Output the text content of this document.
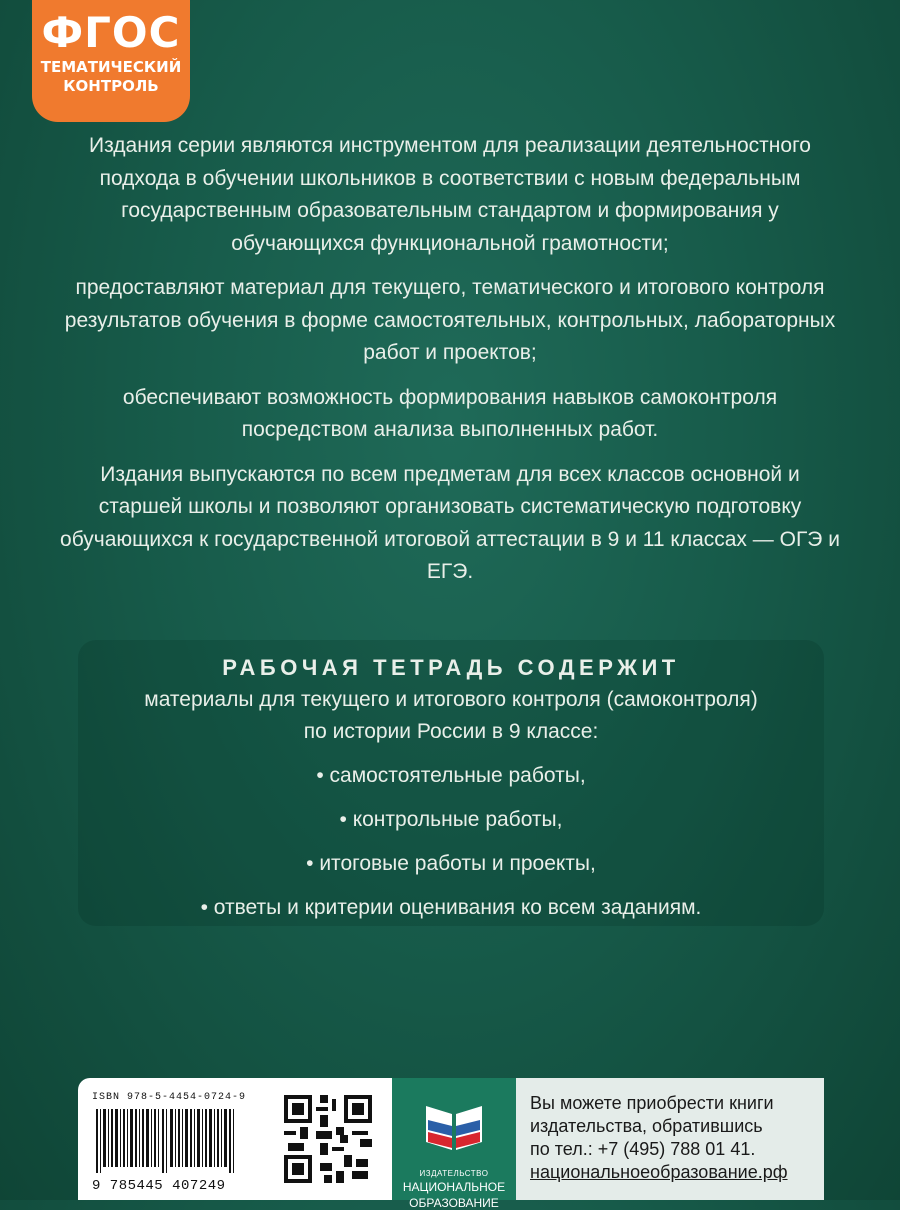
ФГОС
ТЕМАТИЧЕСКИЙ
КОНТРОЛЬ

Издания серии являются инструментом для реализации деятельностного подхода в обучении школьников в соответствии с новым федеральным государственным образовательным стандартом и формирования у обучающихся функциональной грамотности;

предоставляют материал для текущего, тематического и итогового контроля результатов обучения в форме самостоятельных, контрольных, лабораторных работ и проектов;

обеспечивают возможность формирования навыков самоконтроля посредством анализа выполненных работ.

Издания выпускаются по всем предметам для всех классов основной и старшей школы и позволяют организовать систематическую подготовку обучающихся к государственной итоговой аттестации в 9 и 11 классах — ОГЭ и ЕГЭ.

РАБОЧАЯ ТЕТРАДЬ СОДЕРЖИТ
материалы для текущего и итогового контроля (самоконтроля)
по истории России в 9 классе:
• самостоятельные работы,
• контрольные работы,
• итоговые работы и проекты,
• ответы и критерии оценивания ко всем заданиям.
ISBN 978-5-4454-0724-9
9 785445 407249
ИЗДАТЕЛЬСТВО
НАЦИОНАЛЬНОЕ
ОБРАЗОВАНИЕ
Вы можете приобрести книги
издательства, обратившись
по тел.: +7 (495) 788 01 41.
национальноеобразование.рф
